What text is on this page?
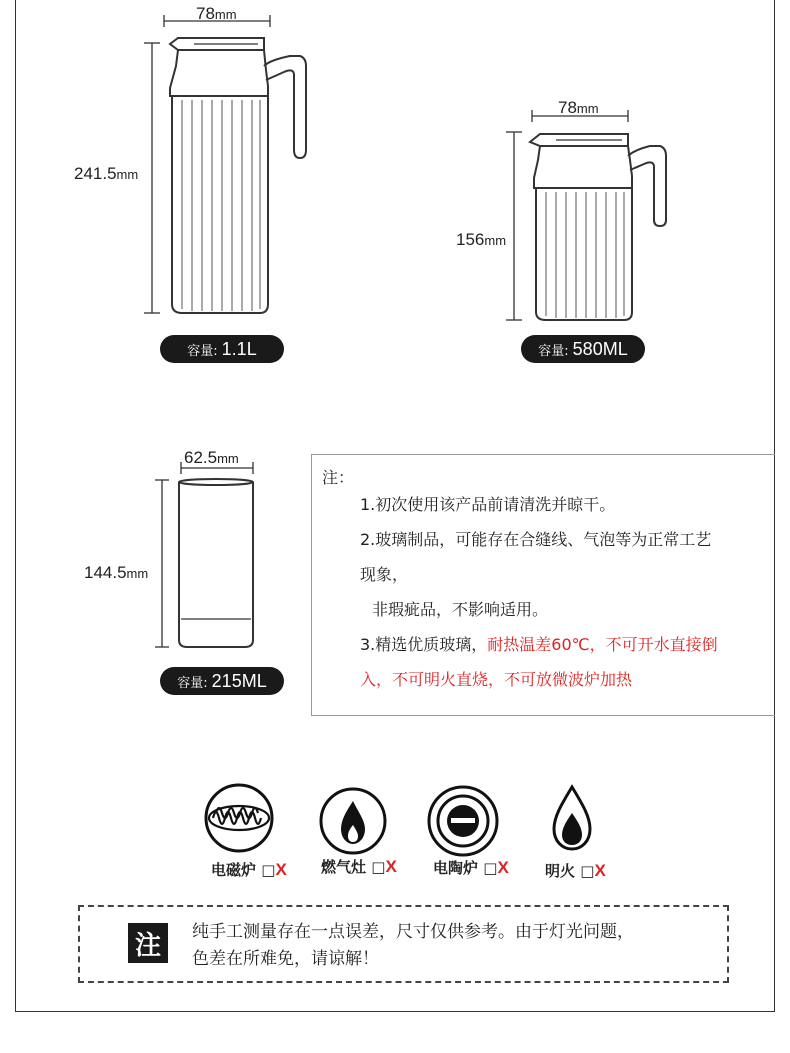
78mm
241.5mm
容量: 1.1L
78mm
156mm
容量: 580ML
62.5mm
144.5mm
容量: 215ML
注：
1.初次使用该产品前请清洗并晾干。
2.玻璃制品，可能存在合缝线、气泡等为正常工艺
现象，
非瑕疵品，不影响适用。
3.精选优质玻璃，耐热温差60℃，不可开水直接倒
入，不可明火直烧，不可放微波炉加热
电磁炉 □X 燃气灶 □X 电陶炉 □X 明火 □X
注	纯手工测量存在一点误差，尺寸仅供参考。由于灯光问题，
色差在所难免，请谅解！
